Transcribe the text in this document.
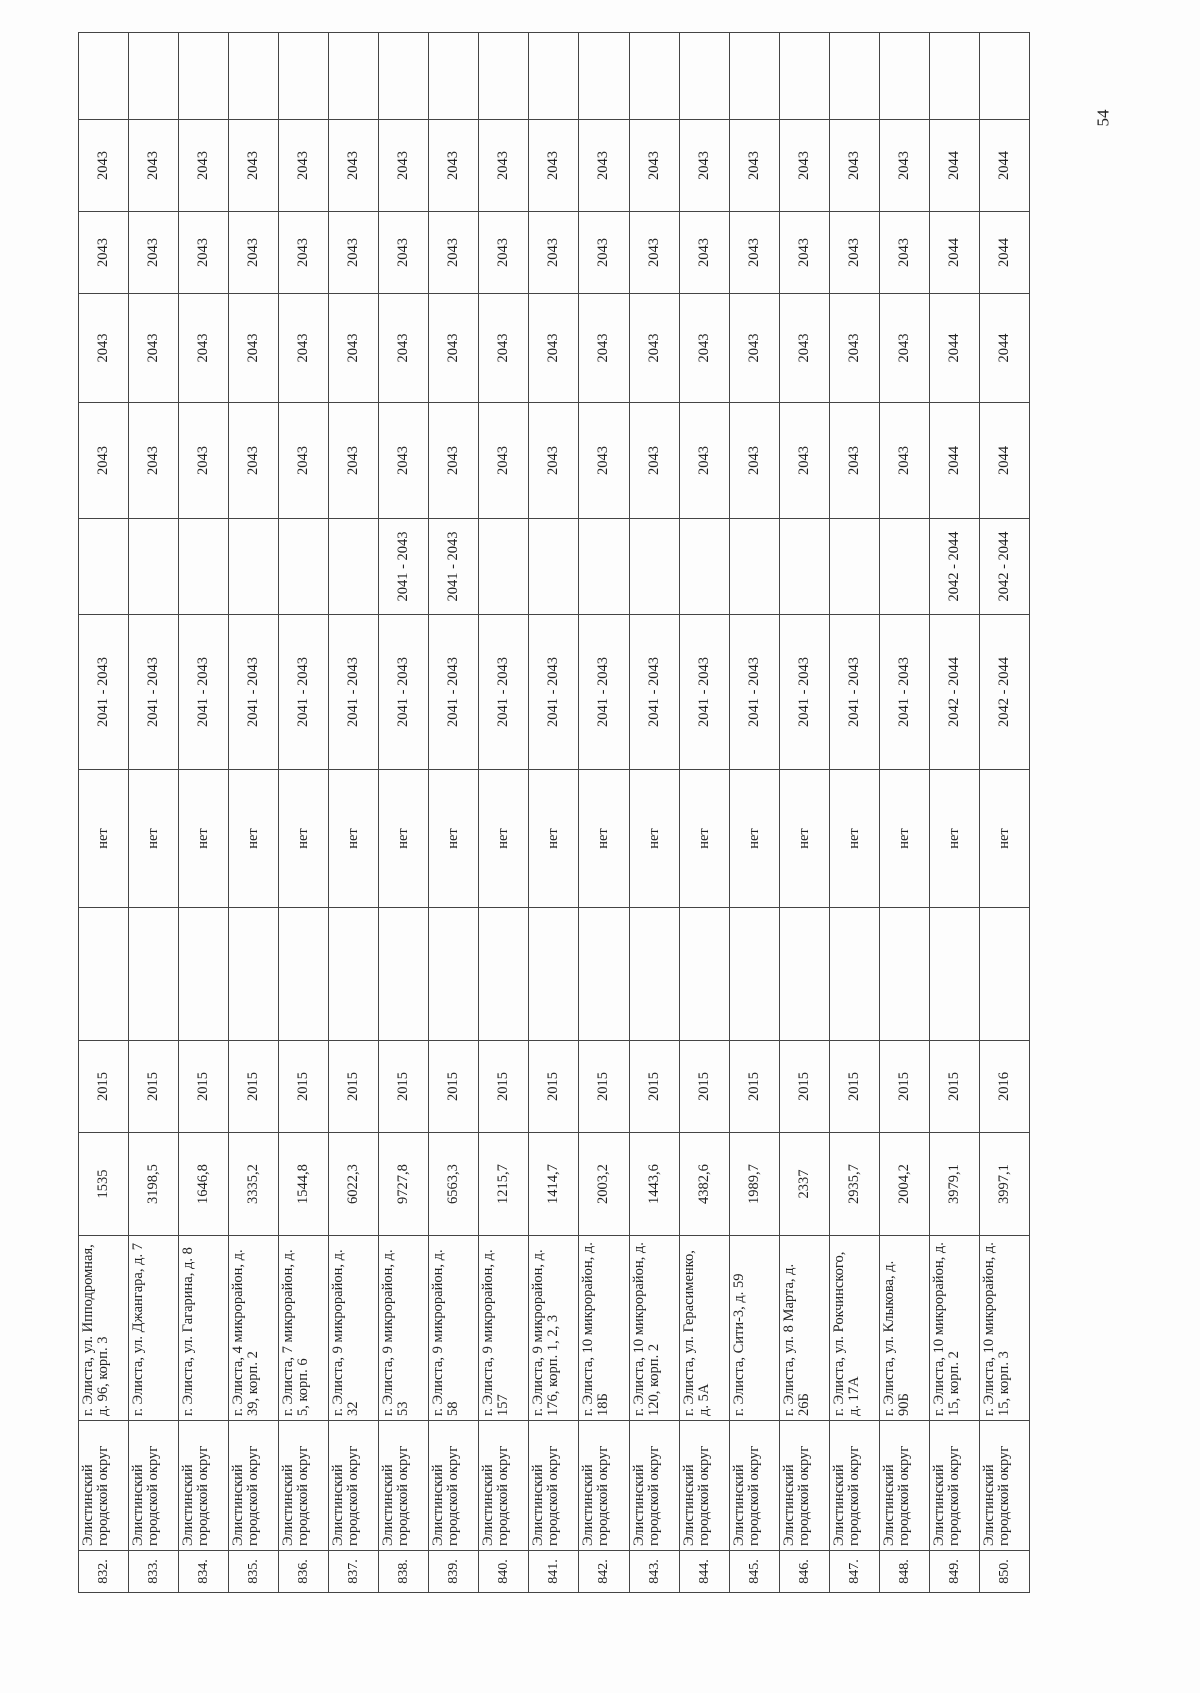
832.	Элистинский городской округ	г. Элиста, ул. Ипподромная, д. 96, корп. 3	1535	2015		нет	2041 - 2043		2043	2043	2043	2043	
833.	Элистинский городской округ	г. Элиста, ул. Джангара, д. 7	3198,5	2015		нет	2041 - 2043		2043	2043	2043	2043	
834.	Элистинский городской округ	г. Элиста, ул. Гагарина, д. 8	1646,8	2015		нет	2041 - 2043		2043	2043	2043	2043	
835.	Элистинский городской округ	г. Элиста, 4 микрорайон, д. 39, корп. 2	3335,2	2015		нет	2041 - 2043		2043	2043	2043	2043	
836.	Элистинский городской округ	г. Элиста, 7 микрорайон, д. 5, корп. 6	1544,8	2015		нет	2041 - 2043		2043	2043	2043	2043	
837.	Элистинский городской округ	г. Элиста, 9 микрорайон, д. 32	6022,3	2015		нет	2041 - 2043		2043	2043	2043	2043	
838.	Элистинский городской округ	г. Элиста, 9 микрорайон, д. 53	9727,8	2015		нет	2041 - 2043	2041 - 2043	2043	2043	2043	2043	
839.	Элистинский городской округ	г. Элиста, 9 микрорайон, д. 58	6563,3	2015		нет	2041 - 2043	2041 - 2043	2043	2043	2043	2043	
840.	Элистинский городской округ	г. Элиста, 9 микрорайон, д. 157	1215,7	2015		нет	2041 - 2043		2043	2043	2043	2043	
841.	Элистинский городской округ	г. Элиста, 9 микрорайон, д. 176, корп. 1, 2, 3	1414,7	2015		нет	2041 - 2043		2043	2043	2043	2043	
842.	Элистинский городской округ	г. Элиста, 10 микрорайон, д. 18Б	2003,2	2015		нет	2041 - 2043		2043	2043	2043	2043	
843.	Элистинский городской округ	г. Элиста, 10 микрорайон, д. 120, корп. 2	1443,6	2015		нет	2041 - 2043		2043	2043	2043	2043	
844.	Элистинский городской округ	г. Элиста, ул. Герасименко, д. 5А	4382,6	2015		нет	2041 - 2043		2043	2043	2043	2043	
845.	Элистинский городской округ	г. Элиста, Сити-3, д. 59	1989,7	2015		нет	2041 - 2043		2043	2043	2043	2043	
846.	Элистинский городской округ	г. Элиста, ул. 8 Марта, д. 26Б	2337	2015		нет	2041 - 2043		2043	2043	2043	2043	
847.	Элистинский городской округ	г. Элиста, ул. Рокчинского, д. 17А	2935,7	2015		нет	2041 - 2043		2043	2043	2043	2043	
848.	Элистинский городской округ	г. Элиста, ул. Клыкова, д. 90Б	2004,2	2015		нет	2041 - 2043		2043	2043	2043	2043	
849.	Элистинский городской округ	г. Элиста, 10 микрорайон, д. 15, корп. 2	3979,1	2015		нет	2042 - 2044	2042 - 2044	2044	2044	2044	2044	
850.	Элистинский городской округ	г. Элиста, 10 микрорайон, д. 15, корп. 3	3997,1	2016		нет	2042 - 2044	2042 - 2044	2044	2044	2044	2044	
54
